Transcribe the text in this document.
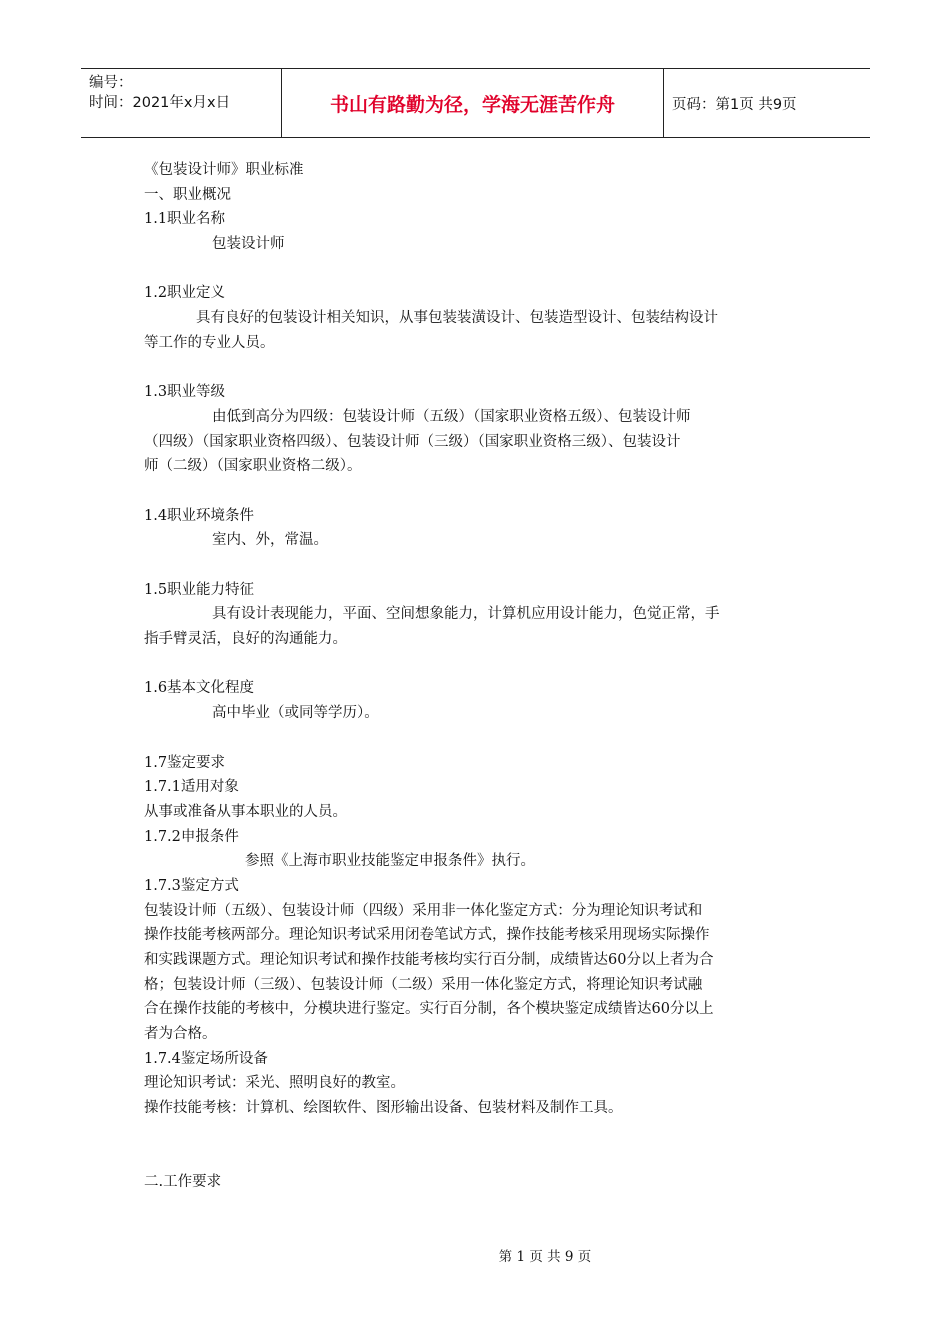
编号：
时间：2021年x月x日	书山有路勤为径，学海无涯苦作舟	页码：第1页 共9页
《包装设计师》职业标准
一、职业概况
1.1职业名称
包装设计师
1.2职业定义
具有良好的包装设计相关知识，从事包装装潢设计、包装造型设计、包装结构设计
等工作的专业人员。
1.3职业等级
由低到高分为四级：包装设计师（五级）（国家职业资格五级）、包装设计师
（四级）（国家职业资格四级）、包装设计师（三级）（国家职业资格三级）、包装设计
师（二级）（国家职业资格二级）。
1.4职业环境条件
室内、外，常温。
1.5职业能力特征
具有设计表现能力，平面、空间想象能力，计算机应用设计能力，色觉正常，手
指手臂灵活，良好的沟通能力。
1.6基本文化程度
高中毕业（或同等学历）。
1.7鉴定要求
1.7.1适用对象
从事或准备从事本职业的人员。
1.7.2申报条件
参照《上海市职业技能鉴定申报条件》执行。
1.7.3鉴定方式
包装设计师（五级）、包装设计师（四级）采用非一体化鉴定方式：分为理论知识考试和
操作技能考核两部分。理论知识考试采用闭卷笔试方式，操作技能考核采用现场实际操作
和实践课题方式。理论知识考试和操作技能考核均实行百分制，成绩皆达60分以上者为合
格；包装设计师（三级）、包装设计师（二级）采用一体化鉴定方式，将理论知识考试融
合在操作技能的考核中，分模块进行鉴定。实行百分制，各个模块鉴定成绩皆达60分以上
者为合格。
1.7.4鉴定场所设备
理论知识考试：采光、照明良好的教室。
操作技能考核：计算机、绘图软件、图形输出设备、包装材料及制作工具。
二.工作要求
第 1 页 共 9 页
